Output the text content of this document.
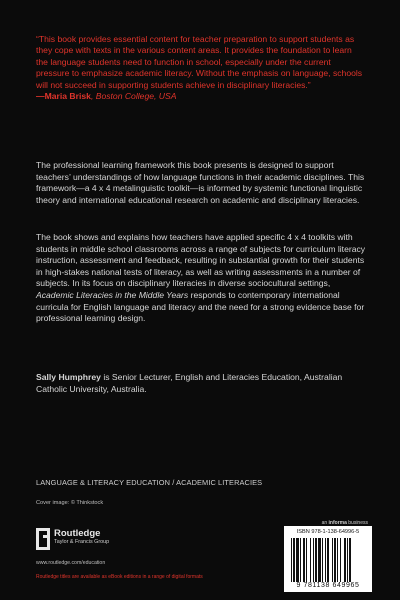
“This book provides essential content for teacher preparation to support students as they cope with texts in the various content areas. It provides the foundation to learn the language students need to function in school, especially under the current pressure to emphasize academic literacy. Without the emphasis on language, schools will not succeed in supporting students achieve in disciplinary literacies.”
—Maria Brisk, Boston College, USA
The professional learning framework this book presents is designed to support teachers’ understandings of how language functions in their academic disciplines. This framework—a 4 x 4 metalinguistic toolkit—is informed by systemic functional linguistic theory and international educational research on academic and disciplinary literacies.
The book shows and explains how teachers have applied specific 4 x 4 toolkits with students in middle school classrooms across a range of subjects for curriculum literacy instruction, assessment and feedback, resulting in substantial growth for their students in high-stakes national tests of literacy, as well as writing assessments in a number of subjects. In its focus on disciplinary literacies in diverse sociocultural settings, Academic Literacies in the Middle Years responds to contemporary international curricula for English language and literacy and the need for a strong evidence base for professional learning design.
Sally Humphrey is Senior Lecturer, English and Literacies Education, Australian Catholic University, Australia.
LANGUAGE & LITERACY EDUCATION / ACADEMIC LITERACIES
Cover image: © Thinkstock
an informa business
Routledge
Taylor & Francis Group
www.routledge.com/education
Routledge titles are available as eBook editions in a range of digital formats
ISBN 978-1-138-64996-5
9 781138 649965
